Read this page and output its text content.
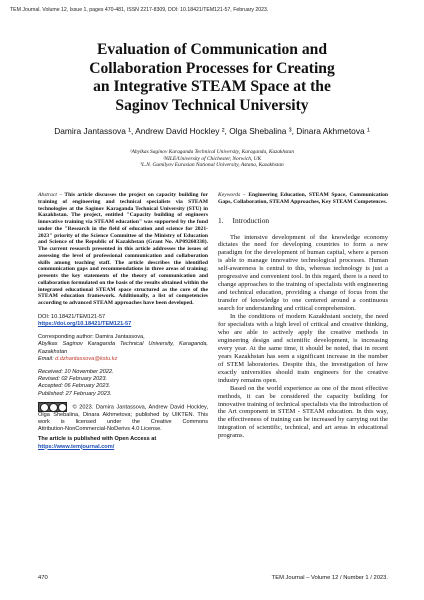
TEM Journal. Volume 12, Issue 1, pages 470-481, ISSN 2217-8309, DOI: 10.18421/TEM121-57, February 2023.
Evaluation of Communication and
Collaboration Processes for Creating
an Integrative STEAM Space at the
Saginov Technical University
Damira Jantassova ¹, Andrew David Hockley ², Olga Shebalina ³, Dinara Akhmetova ¹
¹Abylkas Saginov Karaganda Technical University, Karaganda, Kazakhstan
²NILE/University of Chichester, Norwich, UK
³L.N. Gumilyov Eurasian National University, Astana, Kazakhstan

Abstract – This article discusses the project on capacity building for training of engineering and technical specialists via STEAM technologies at the Saginov Karaganda Technical University (STU) in Kazakhstan. The project, entitled "Capacity building of engineers innovative training via STEAM education" was supported by the fund under the "Research in the field of education and science for 2021-2023" priority of the Science Committee of the Ministry of Education and Science of the Republic of Kazakhstan (Grant No. AP09260338). The current research presented in this article addresses the issues of assessing the level of professional communication and collaboration skills among teaching staff. The article describes the identified communication gaps and recommendations in three areas of training; presents the key statements of the theory of communication and collaboration formulated on the basis of the results obtained within the integrated educational STEAM space structured as the core of the STEAM education framework. Additionally, a list of competencies according to advanced STEAM approaches have been developed.

DOI: 10.18421/TEM121-57
https://doi.org/10.18421/TEM121-57
Corresponding author: Damira Jantassova,
Abylkas Saginov Karaganda Technical University, Karaganda, Kazakhstan
Email: d.dzhantassova@kstu.kz
Received: 10 November 2022.
Revised: 02 February 2023.
Accepted: 06 February 2023.
Published: 27 February 2023.
© 2023. Damira Jantassova, Andrew David Hockley, Olga Shebalina, Dinara Akhmetova; published by UIKTEN. This work is licensed under the Creative Commons Attribution‑NonCommercial‑NoDerivs 4.0 License.
The article is published with Open Access at
https://www.temjournal.com/

Keywords – Engineering Education, STEAM Space, Communication Gaps, Collaboration, STEAM Approaches, Key STEAM Competences.

1. Introduction

The intensive development of the knowledge economy dictates the need for developing countries to form a new paradigm for the development of human capital, where a person is able to manage innovative technological processes. Human self-awareness is central to this, whereas technology is just a progressive and convenient tool. In this regard, there is a need to change approaches to the training of specialists with engineering and technical education, providing a change of focus from the transfer of knowledge to one centered around a continuous search for understanding and critical comprehension.

In the conditions of modern Kazakhstani society, the need for specialists with a high level of critical and creative thinking, who are able to actively apply the creative methods in engineering design and scientific development, is increasing every year. At the same time, it should be noted, that in recent years Kazakhstan has seen a significant increase in the number of STEM laboratories. Despite this, the investigation of how exactly universities should train engineers for the creative industry remains open.

Based on the world experience as one of the most effective methods, it can be considered the capacity building for innovative training of technical specialists via the introduction of the Art component in STEM - STEAM education. In this way, the effectiveness of training can be increased by carrying out the integration of scientific, technical, and art areas in educational programs.

470	TEM Journal – Volume 12 / Number 1 / 2023.
